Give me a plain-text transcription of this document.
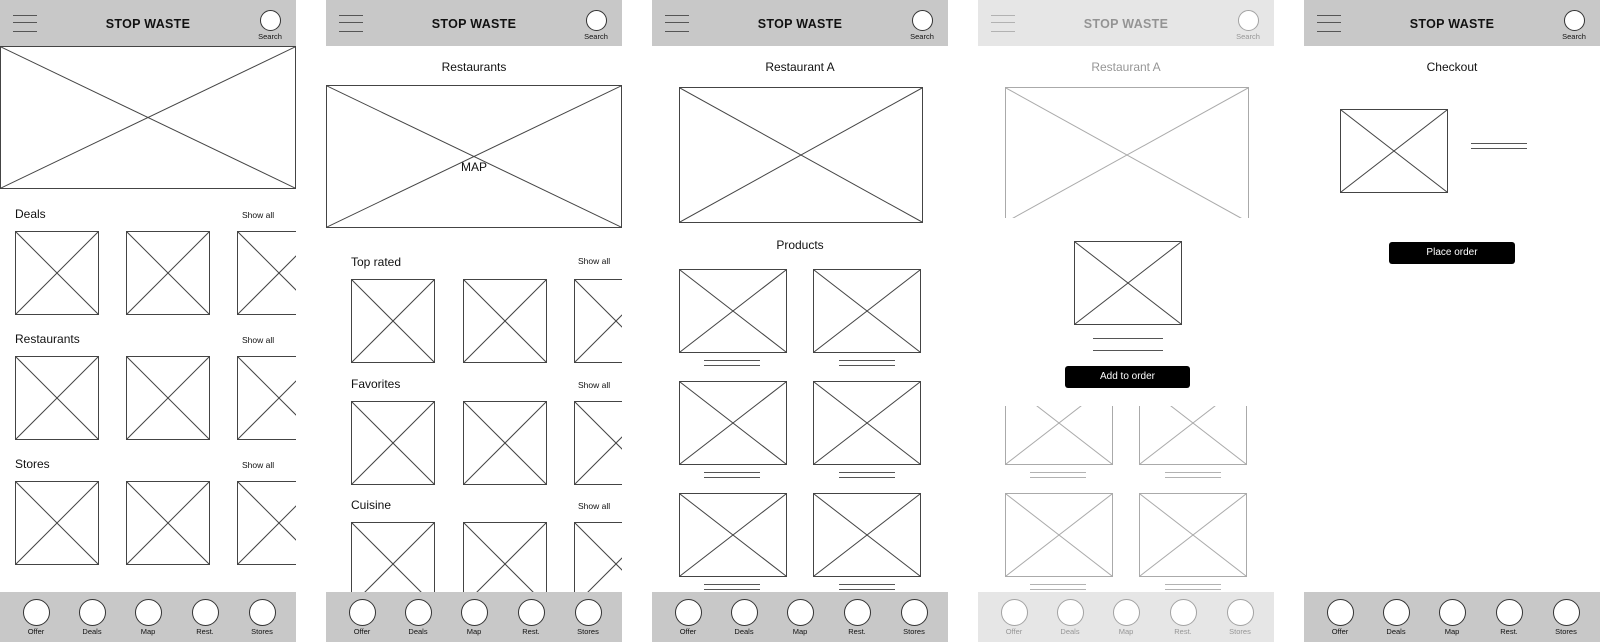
STOP WASTE
Search
Deals	Show all
Restaurants	Show all
Stores	Show all
Offer	Deals	Map	Rest.	Stores
STOP WASTE
Search
Restaurants
MAP
Top rated	Show all
Favorites	Show all
Cuisine	Show all
Offer	Deals	Map	Rest.	Stores
STOP WASTE
Search
Restaurant A
Products
Offer	Deals	Map	Rest.	Stores
Add to order
STOP WASTE
Search
Checkout
Place order
Offer	Deals	Map	Rest.	Stores
